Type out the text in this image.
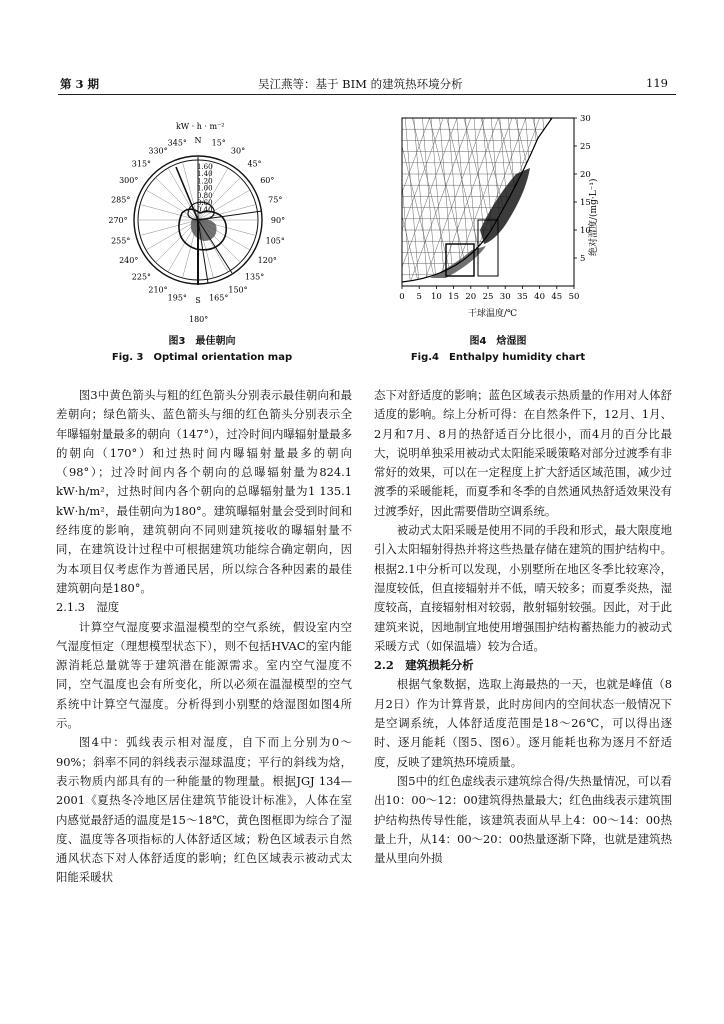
第 3 期	吴江燕等：基于 BIM 的建筑热环境分析	119
kW · h · m⁻²
N 15°
30°
45°
60°
75°
90°
105°
120°
135°
150°
165°
S
195°
210°
225°
240°
255°
270°
285°
300°
315°
330°
345°
1.60
1.40
1.20
1.00
0.80
0.60
0.40
180°
图3　 最佳朝向
Fig. 3　 Optimal orientation map
0 5 10 15 20 25 30 35 40 45 50
5
10
15
20
25
30
干球温度/℃
绝对湿度/(mg·L⁻¹)
图4　 焓湿图
Fig.4　 Enthalpy humidity chart

图3中黄色箭头与粗的红色箭头分别表示最佳朝向和最差朝向；绿色箭头、蓝色箭头与细的红色箭头分别表示全年曝辐射量最多的朝向（147°），过冷时间内曝辐射量最多的朝向（170°）和过热时间内曝辐射量最多的朝向（98°）；过冷时间内各个朝向的总曝辐射量为824.1 kW·h/m²，过热时间内各个朝向的总曝辐射量为1 135.1 kW·h/m²，最佳朝向为180°。建筑曝辐射量会受到时间和经纬度的影响，建筑朝向不同则建筑接收的曝辐射量不同，在建筑设计过程中可根据建筑功能综合确定朝向，因为本项目仅考虑作为普通民居，所以综合各种因素的最佳建筑朝向是180°。

2.1.3　湿度

计算空气湿度要求温湿模型的空气系统，假设室内空气湿度恒定（理想模型状态下），则不包括HVAC的室内能源消耗总量就等于建筑潜在能源需求。室内空气湿度不同，空气温度也会有所变化，所以必须在温湿模型的空气系统中计算空气湿度。分析得到小别墅的焓湿图如图4所示。

图4中：弧线表示相对湿度，自下而上分别为0～90%；斜率不同的斜线表示湿球温度；平行的斜线为焓，表示物质内部具有的一种能量的物理量。根据JGJ 134—2001《夏热冬冷地区居住建筑节能设计标准》，人体在室内感觉最舒适的温度是15～18℃，黄色图框即为综合了湿度、温度等各项指标的人体舒适区域；粉色区域表示自然通风状态下对人体舒适度的影响；红色区域表示被动式太阳能采暖状

态下对舒适度的影响；蓝色区域表示热质量的作用对人体舒适度的影响。综上分析可得：在自然条件下，12月、1月、2月和7月、8月的热舒适百分比很小，而4月的百分比最大，说明单独采用被动式太阳能采暖策略对部分过渡季有非常好的效果，可以在一定程度上扩大舒适区域范围，减少过渡季的采暖能耗，而夏季和冬季的自然通风热舒适效果没有过渡季好，因此需要借助空调系统。

被动式太阳采暖是使用不同的手段和形式，最大限度地引入太阳辐射得热并将这些热量存储在建筑的围护结构中。根据2.1中分析可以发现，小别墅所在地区冬季比较寒冷，湿度较低，但直接辐射并不低，晴天较多；而夏季炎热，湿度较高，直接辐射相对较弱，散射辐射较强。因此，对于此建筑来说，因地制宜地使用增强围护结构蓄热能力的被动式采暖方式（如保温墙）较为合适。

2.2　建筑损耗分析

根据气象数据，选取上海最热的一天，也就是峰值（8月2日）作为计算背景，此时房间内的空间状态一般情况下是空调系统，人体舒适度范围是18～26℃，可以得出逐时、逐月能耗（图5、图6）。逐月能耗也称为逐月不舒适度，反映了建筑热环境质量。

图5中的红色虚线表示建筑综合得/失热量情况，可以看出10：00～12：00建筑得热量最大；红色曲线表示建筑围护结构热传导性能，该建筑表面从早上4：00～14：00热量上升，从14：00～20：00热量逐渐下降，也就是建筑热量从里向外损
